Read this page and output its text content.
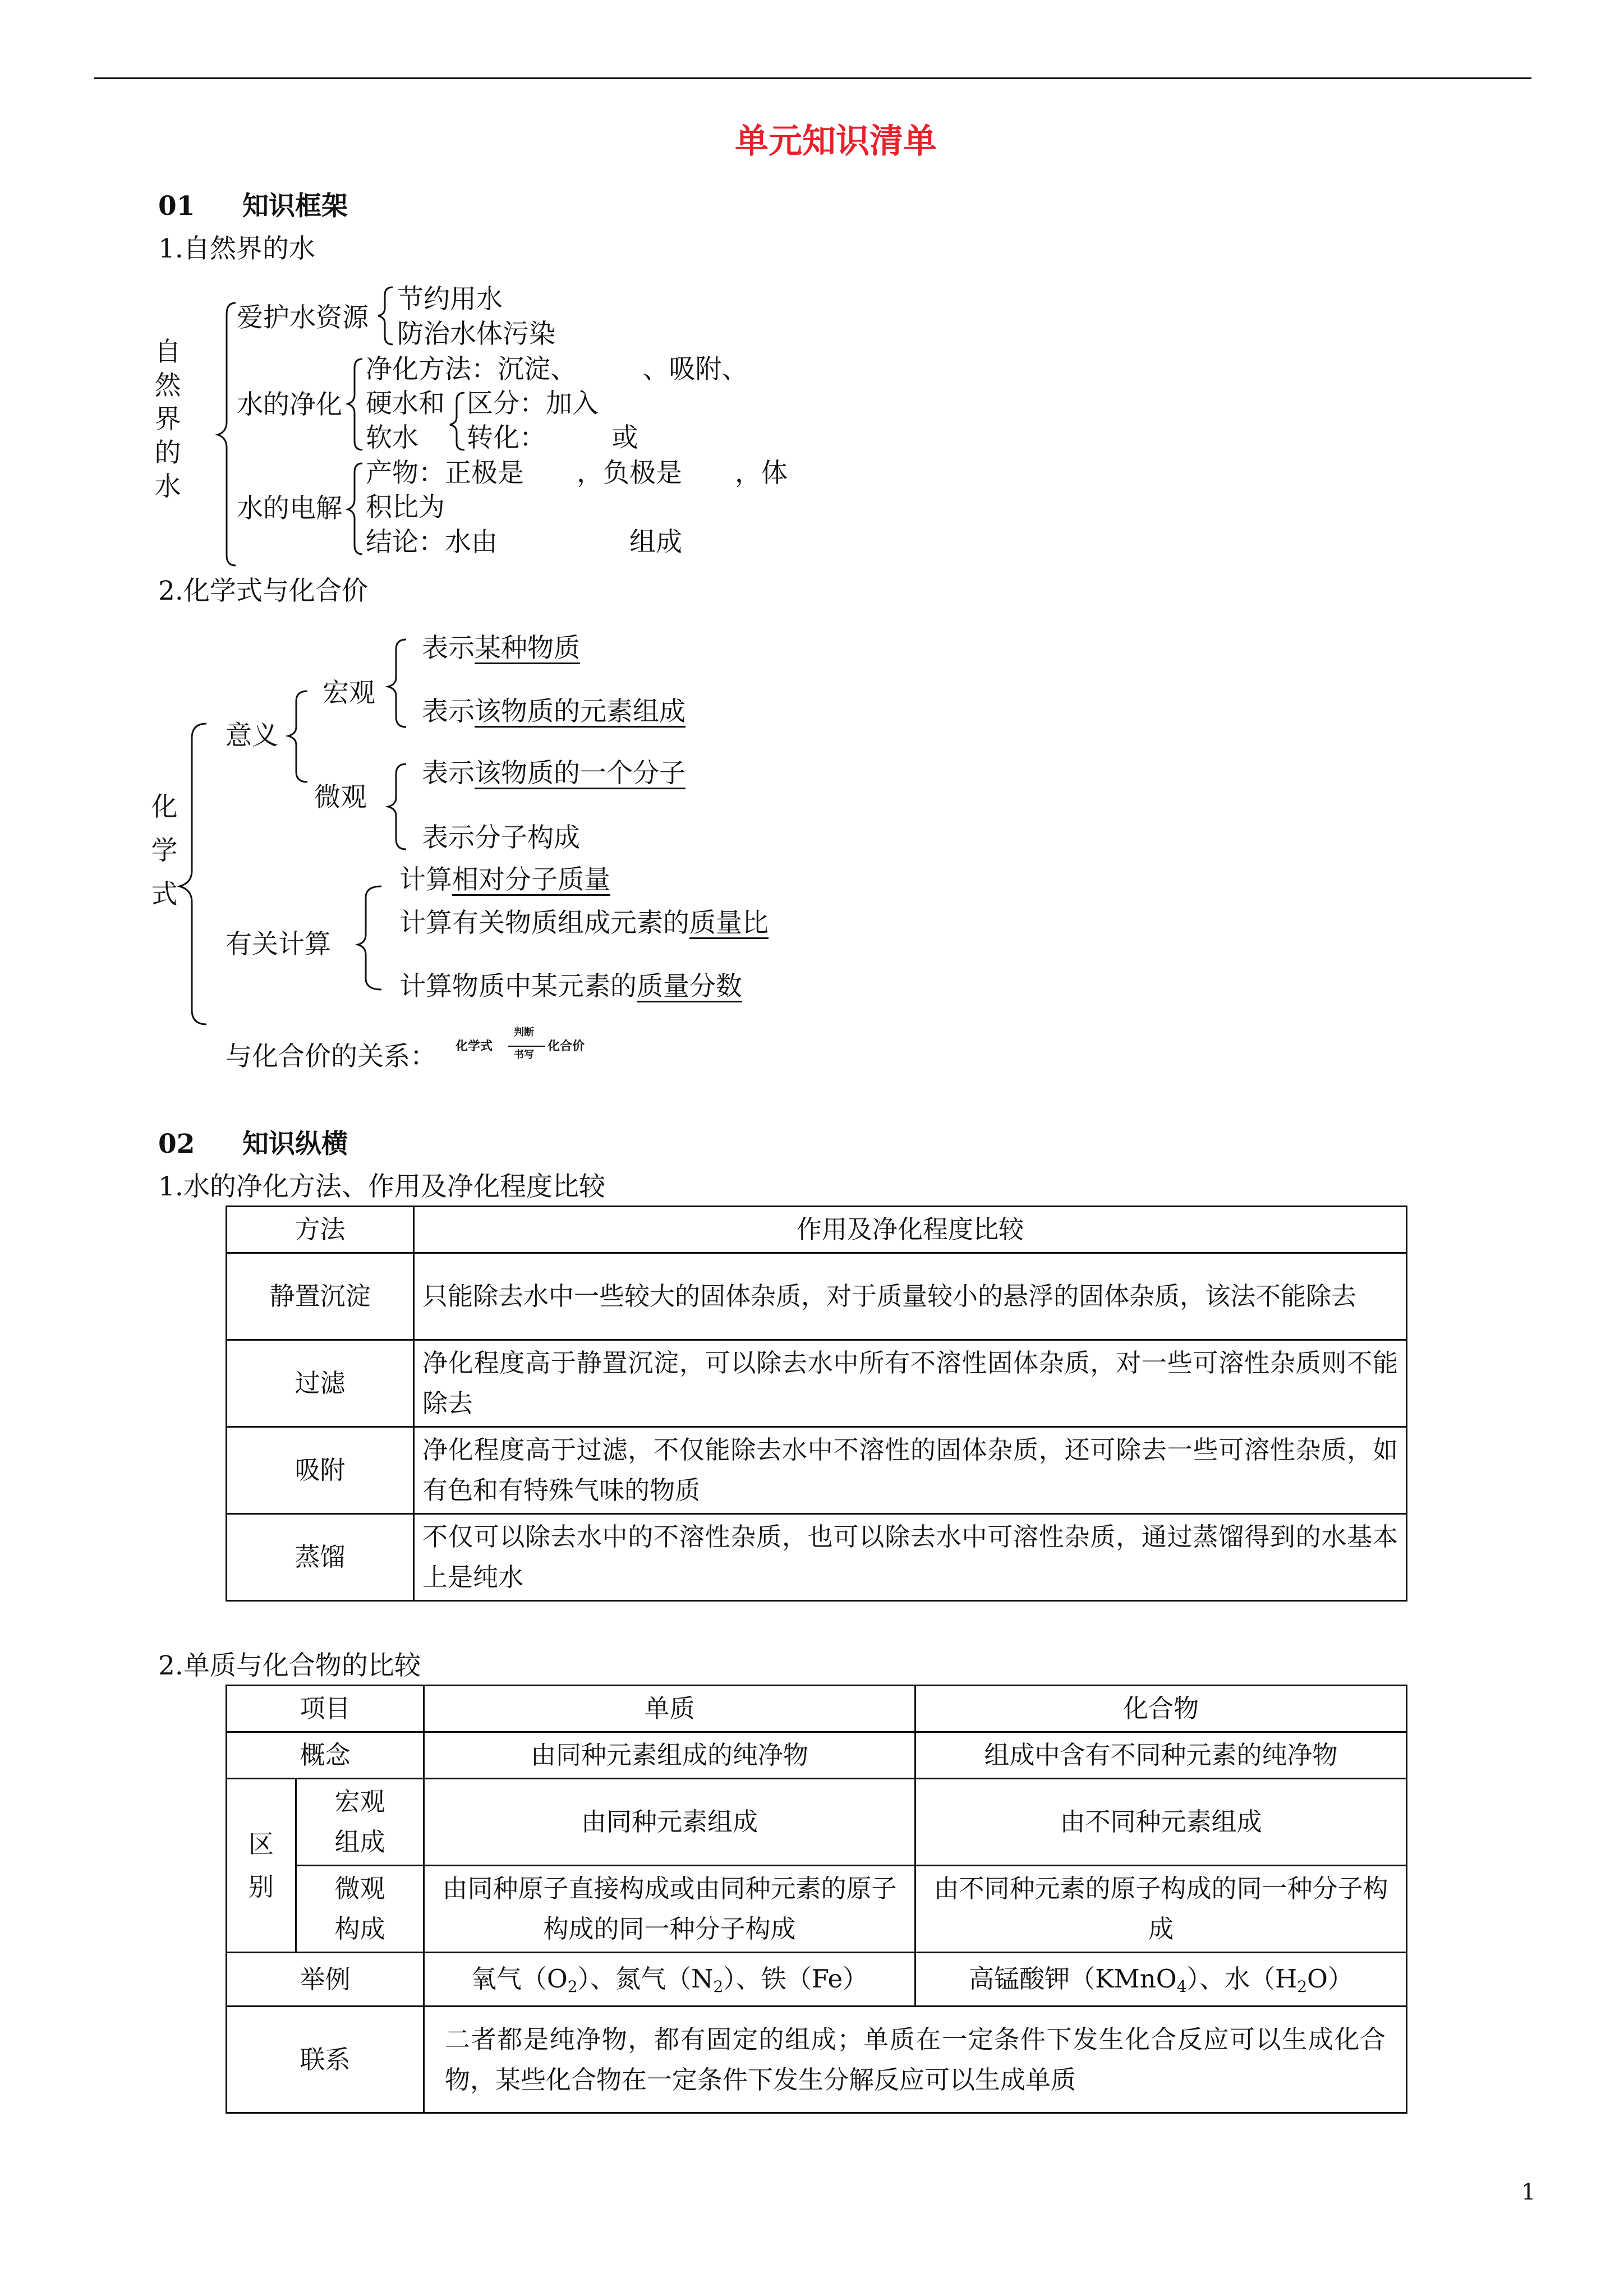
单元知识清单
01 知识框架
1.自然界的水
自
然
界
的
水
爱护水资源
节约用水
防治水体污染
水的净化
净化方法：沉淀、　　　、吸附、
硬水和
软水
区分：加入
转化：　　　或
水的电解
产物：正极是　　，负极是　　，体
积比为
结论：水由　　　　　组成
2.化学式与化合价
化
学
式
意义
宏观
微观
表示某种物质
表示该物质的元素组成
表示该物质的一个分子
表示分子构成
有关计算
计算相对分子质量
计算有关物质组成元素的质量比
计算物质中某元素的质量分数
与化合价的关系： 化学式
判断
书写
化合价
02 知识纵横
1.水的净化方法、作用及净化程度比较
方法	作用及净化程度比较
静置沉淀	只能除去水中一些较大的固体杂质，对于质量较小的悬浮的固体杂质，该法不能除去
过滤	净化程度高于静置沉淀，可以除去水中所有不溶性固体杂质，对一些可溶性杂质则不能除去
吸附	净化程度高于过滤，不仅能除去水中不溶性的固体杂质，还可除去一些可溶性杂质，如有色和有特殊气味的物质
蒸馏	不仅可以除去水中的不溶性杂质，也可以除去水中可溶性杂质，通过蒸馏得到的水基本上是纯水
2.单质与化合物的比较
项目		单质	化合物
概念		由同种元素组成的纯净物	组成中含有不同种元素的纯净物

区别	宏观组成	由同种元素组成	由不同种元素组成

	微观构成	由同种原子直接构成或由同种元素的原子构成的同一种分子构成	由不同种元素的原子构成的同一种分子构成
举例		氧气$(O_2)$、氮气$(N_2)$、铁（Fe）	高锰酸钾（KMnO$_4$）、水$(H_2O)$
联系		二者都是纯净物，都有固定的组成；单质在一定条件下发生化合反应可以生成化合物，某些化合物在一定条件下发生分解反应可以生成单质	
1
